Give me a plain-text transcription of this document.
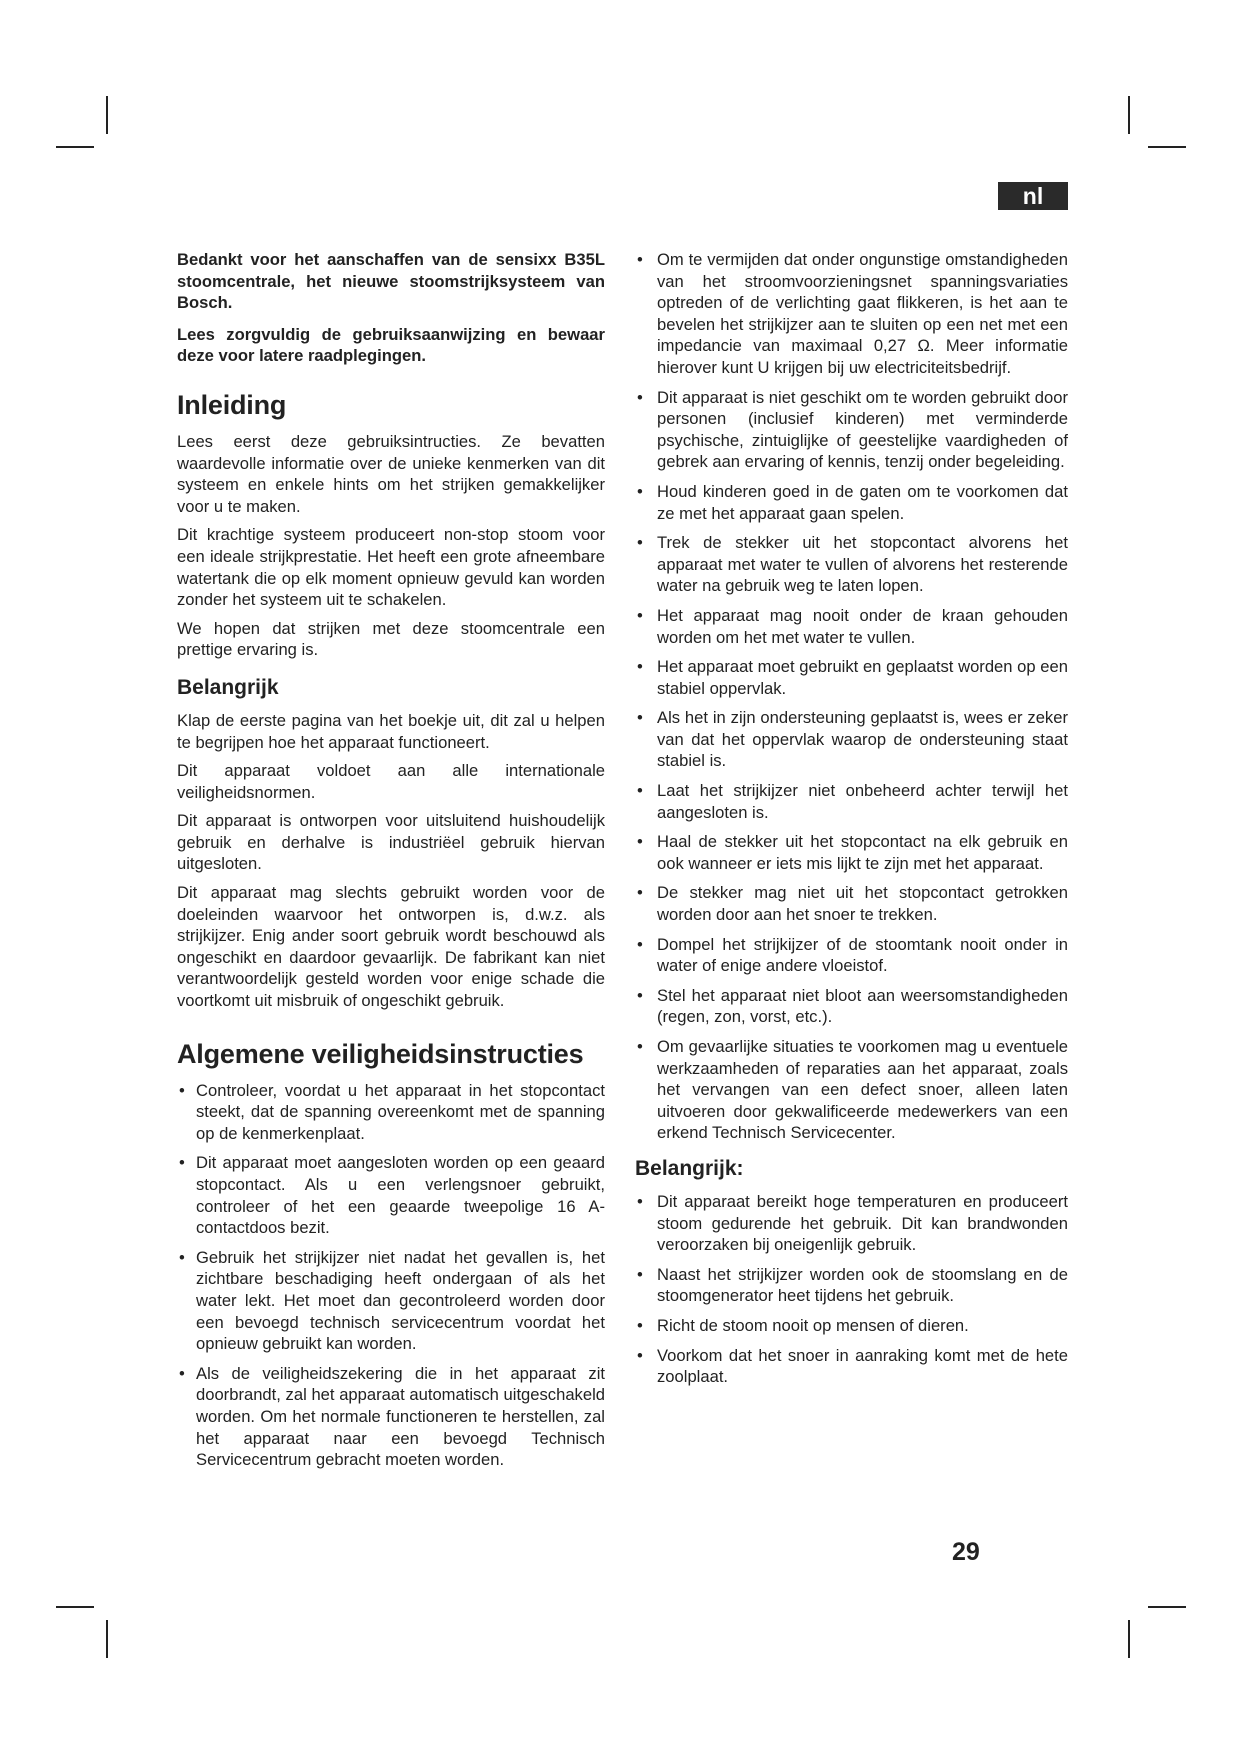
nl

Bedankt voor het aanschaffen van de sensixx B35L stoomcentrale, het nieuwe stoomstrijksysteem van Bosch.

Lees zorgvuldig de gebruiksaanwijzing en bewaar deze voor latere raadplegingen.

Inleiding

Lees eerst deze gebruiksintructies. Ze bevatten waardevolle informatie over de unieke kenmerken van dit systeem en enkele hints om het strijken gemakkelijker voor u te maken.

Dit krachtige systeem produceert non-stop stoom voor een ideale strijkprestatie. Het heeft een grote afneembare watertank die op elk moment opnieuw gevuld kan worden zonder het systeem uit te schakelen.

We hopen dat strijken met deze stoomcentrale een prettige ervaring is.

Belangrijk

Klap de eerste pagina van het boekje uit, dit zal u helpen te begrijpen hoe het apparaat functioneert.

Dit apparaat voldoet aan alle internationale veiligheidsnormen.

Dit apparaat is ontworpen voor uitsluitend huishoudelijk gebruik en derhalve is industriëel gebruik hiervan uitgesloten.

Dit apparaat mag slechts gebruikt worden voor de doeleinden waarvoor het ontworpen is, d.w.z. als strijkijzer. Enig ander soort gebruik wordt beschouwd als ongeschikt en daardoor gevaarlijk. De fabrikant kan niet verantwoordelijk gesteld worden voor enige schade die voortkomt uit misbruik of ongeschikt gebruik.

Algemene veiligheidsinstructies
• Controleer, voordat u het apparaat in het stopcontact steekt, dat de spanning overeenkomt met de spanning op de kenmerkenplaat.
• Dit apparaat moet aangesloten worden op een geaard stopcontact. Als u een verlengsnoer gebruikt, controleer of het een geaarde tweepolige 16 A-contactdoos bezit.
• Gebruik het strijkijzer niet nadat het gevallen is, het zichtbare beschadiging heeft ondergaan of als het water lekt. Het moet dan gecontroleerd worden door een bevoegd technisch servicecentrum voordat het opnieuw gebruikt kan worden.
• Als de veiligheidszekering die in het apparaat zit doorbrandt, zal het apparaat automatisch uitgeschakeld worden. Om het normale functioneren te herstellen, zal het apparaat naar een bevoegd Technisch Servicecentrum gebracht moeten worden.
• Om te vermijden dat onder ongunstige omstandigheden van het stroomvoorzieningsnet spanningsvariaties optreden of de verlichting gaat flikkeren, is het aan te bevelen het strijkijzer aan te sluiten op een net met een impedancie van maximaal 0,27 Ω. Meer informatie hierover kunt U krijgen bij uw electriciteitsbedrijf.
• Dit apparaat is niet geschikt om te worden gebruikt door personen (inclusief kinderen) met verminderde psychische, zintuiglijke of geestelijke vaardigheden of gebrek aan ervaring of kennis, tenzij onder begeleiding.
• Houd kinderen goed in de gaten om te voorkomen dat ze met het apparaat gaan spelen.
• Trek de stekker uit het stopcontact alvorens het apparaat met water te vullen of alvorens het resterende water na gebruik weg te laten lopen.
• Het apparaat mag nooit onder de kraan gehouden worden om het met water te vullen.
• Het apparaat moet gebruikt en geplaatst worden op een stabiel oppervlak.
• Als het in zijn ondersteuning geplaatst is, wees er zeker van dat het oppervlak waarop de ondersteuning staat stabiel is.
• Laat het strijkijzer niet onbeheerd achter terwijl het aangesloten is.
• Haal de stekker uit het stopcontact na elk gebruik en ook wanneer er iets mis lijkt te zijn met het apparaat.
• De stekker mag niet uit het stopcontact getrokken worden door aan het snoer te trekken.
• Dompel het strijkijzer of de stoomtank nooit onder in water of enige andere vloeistof.
• Stel het apparaat niet bloot aan weersomstandigheden (regen, zon, vorst, etc.).
• Om gevaarlijke situaties te voorkomen mag u eventuele werkzaamheden of reparaties aan het apparaat, zoals het vervangen van een defect snoer, alleen laten uitvoeren door gekwalificeerde medewerkers van een erkend Technisch Servicecenter.
Belangrijk:
• Dit apparaat bereikt hoge temperaturen en produceert stoom gedurende het gebruik. Dit kan brandwonden veroorzaken bij oneigenlijk gebruik.
• Naast het strijkijzer worden ook de stoomslang en de stoomgenerator heet tijdens het gebruik.
• Richt de stoom nooit op mensen of dieren.
• Voorkom dat het snoer in aanraking komt met de hete zoolplaat.
29
